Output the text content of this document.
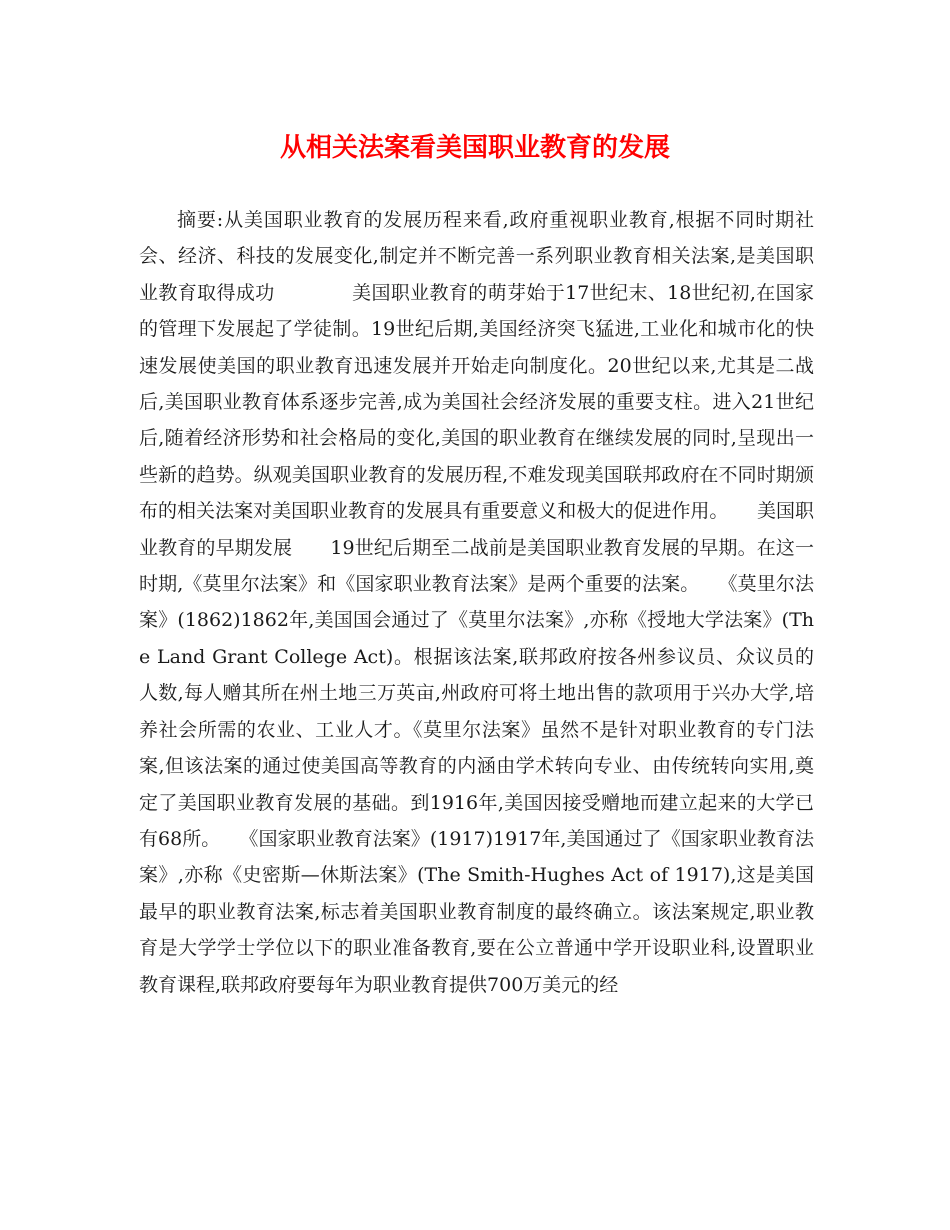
从相关法案看美国职业教育的发展

摘要:从美国职业教育的发展历程来看,政府重视职业教育,根据不同时期社会、经济、科技的发展变化,制定并不断完善一系列职业教育相关法案,是美国职业教育取得成功　　　　美国职业教育的萌芽始于17世纪末、18世纪初,在国家的管理下发展起了学徒制。19世纪后期,美国经济突飞猛进,工业化和城市化的快速发展使美国的职业教育迅速发展并开始走向制度化。20世纪以来,尤其是二战后,美国职业教育体系逐步完善,成为美国社会经济发展的重要支柱。进入21世纪后,随着经济形势和社会格局的变化,美国的职业教育在继续发展的同时,呈现出一些新的趋势。纵观美国职业教育的发展历程,不难发现美国联邦政府在不同时期颁布的相关法案对美国职业教育的发展具有重要意义和极大的促进作用。　　美国职业教育的早期发展　　19世纪后期至二战前是美国职业教育发展的早期。在这一时期,《莫里尔法案》和《国家职业教育法案》是两个重要的法案。　　《莫里尔法案》(1862)1862年,美国国会通过了《莫里尔法案》,亦称《授地大学法案》(The Land Grant College Act)。根据该法案,联邦政府按各州参议员、众议员的人数,每人赠其所在州土地三万英亩,州政府可将土地出售的款项用于兴办大学,培养社会所需的农业、工业人才。《莫里尔法案》虽然不是针对职业教育的专门法案,但该法案的通过使美国高等教育的内涵由学术转向专业、由传统转向实用,奠定了美国职业教育发展的基础。到1916年,美国因接受赠地而建立起来的大学已有68所。　　《国家职业教育法案》(1917)1917年,美国通过了《国家职业教育法案》,亦称《史密斯—休斯法案》(The Smith-Hughes Act of 1917),这是美国最早的职业教育法案,标志着美国职业教育制度的最终确立。该法案规定,职业教育是大学学士学位以下的职业准备教育,要在公立普通中学开设职业科,设置职业教育课程,联邦政府要每年为职业教育提供700万美元的经
